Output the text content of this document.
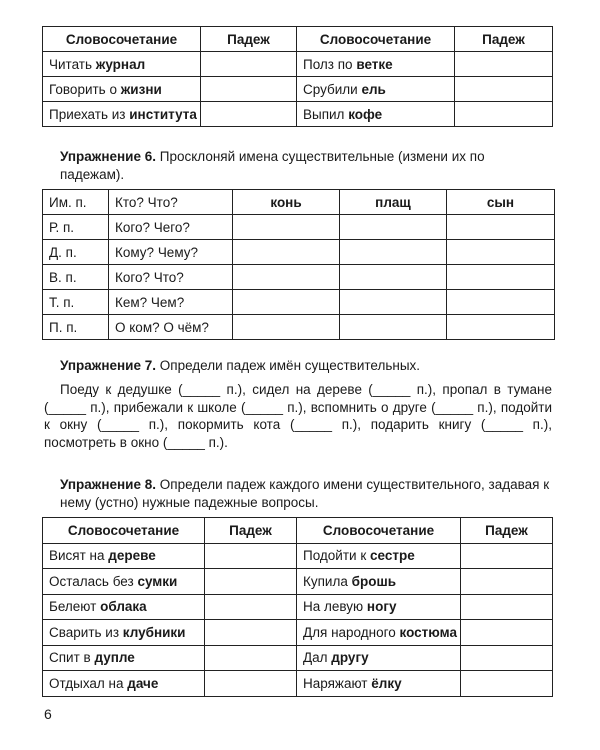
Словосочетание	Падеж	Словосочетание	Падеж
Читать журнал		Полз по ветке	
Говорить о жизни		Срубили ель	
Приехать из института		Выпил кофе	
Упражнение 6. Просклоняй имена существительные (измени их по падежам).
Им. п.	Кто? Что?	конь	плащ	сын
Р. п.	Кого? Чего?			
Д. п.	Кому? Чему?			
В. п.	Кого? Что?			
Т. п.	Кем? Чем?			
П. п.	О ком? О чём?			
Упражнение 7. Определи падеж имён существительных.

Поеду к дедушке (_____ п.), сидел на дереве (_____ п.), пропал в тумане (_____ п.), прибежали к школе (_____ п.), вспомнить о друге (_____ п.), подойти к окну (_____ п.), покормить кота (_____ п.), подарить книгу (_____ п.), посмотреть в окно (_____ п.).

Упражнение 8. Определи падеж каждого имени существительного, задавая к нему (устно) нужные падежные вопросы.
Словосочетание	Падеж	Словосочетание	Падеж
Висят на дереве		Подойти к сестре	
Осталась без сумки		Купила брошь	
Белеют облака		На левую ногу	
Сварить из клубники		Для народного костюма	
Спит в дупле		Дал другу	
Отдыхал на даче		Наряжают ёлку	
6
